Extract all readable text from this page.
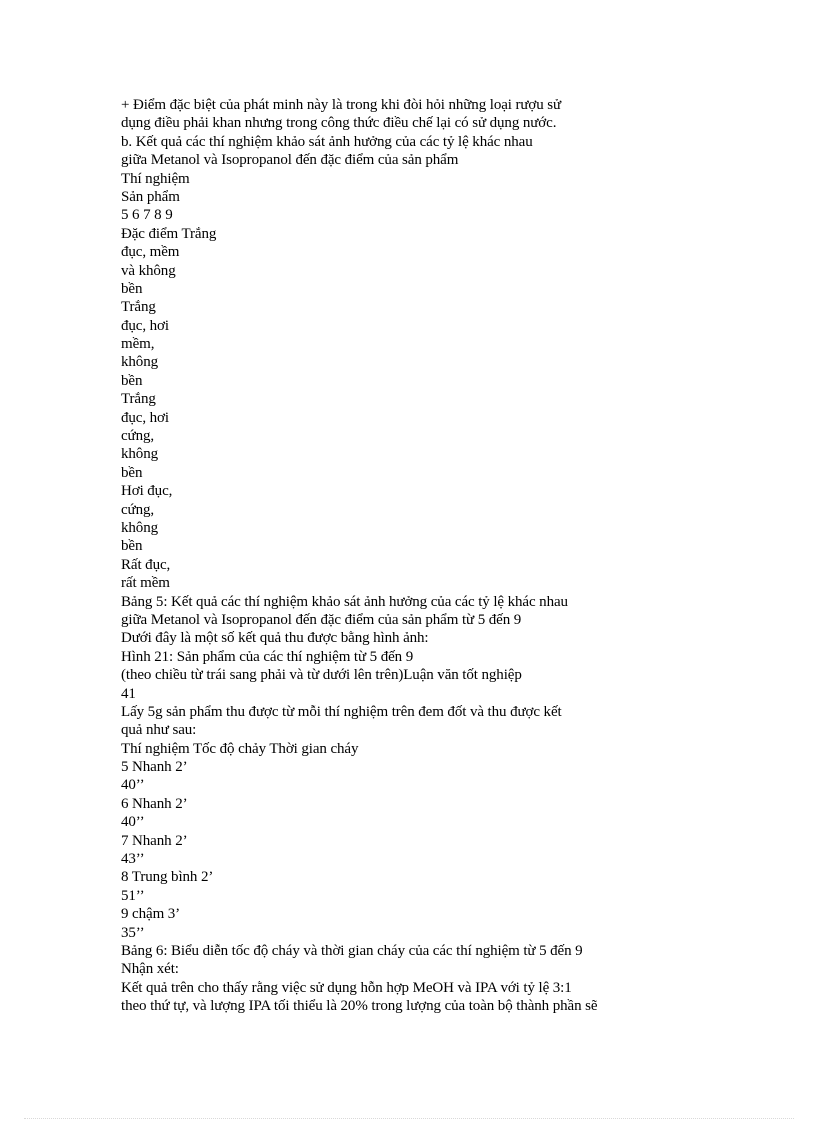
+ Điểm đặc biệt của phát minh này là trong khi đòi hỏi những loại rượu sử
dụng điều phải khan nhưng trong công thức điều chế lại có sử dụng nước.
b. Kết quả các thí nghiệm khảo sát ảnh hưởng của các tỷ lệ khác nhau
giữa Metanol và Isopropanol đến đặc điểm của sản phẩm
Thí nghiệm
Sản phẩm
5 6 7 8 9
Đặc điểm Trắng
đục, mềm
và không
bền
Trắng
đục, hơi
mềm,
không
bền
Trắng
đục, hơi
cứng,
không
bền
Hơi đục,
cứng,
không
bền
Rất đục,
rất mềm
Bảng 5: Kết quả các thí nghiệm khảo sát ảnh hưởng của các tỷ lệ khác nhau
giữa Metanol và Isopropanol đến đặc điểm của sản phẩm từ 5 đến 9
Dưới đây là một số kết quả thu được bằng hình ảnh:
Hình 21: Sản phẩm của các thí nghiệm từ 5 đến 9
(theo chiều từ trái sang phải và từ dưới lên trên)Luận văn tốt nghiệp
41
Lấy 5g sản phẩm thu được từ mỗi thí nghiệm trên đem đốt và thu được kết
quả như sau:
Thí nghiệm Tốc độ chảy Thời gian cháy
5 Nhanh 2’
40’’
6 Nhanh 2’
40’’
7 Nhanh 2’
43’’
8 Trung bình 2’
51’’
9 chậm 3’
35’’
Bảng 6: Biểu diễn tốc độ cháy và thời gian cháy của các thí nghiệm từ 5 đến 9
Nhận xét:
Kết quả trên cho thấy rằng việc sử dụng hỗn hợp MeOH và IPA với tỷ lệ 3:1
theo thứ tự, và lượng IPA tối thiểu là 20% trong lượng của toàn bộ thành phần sẽ
